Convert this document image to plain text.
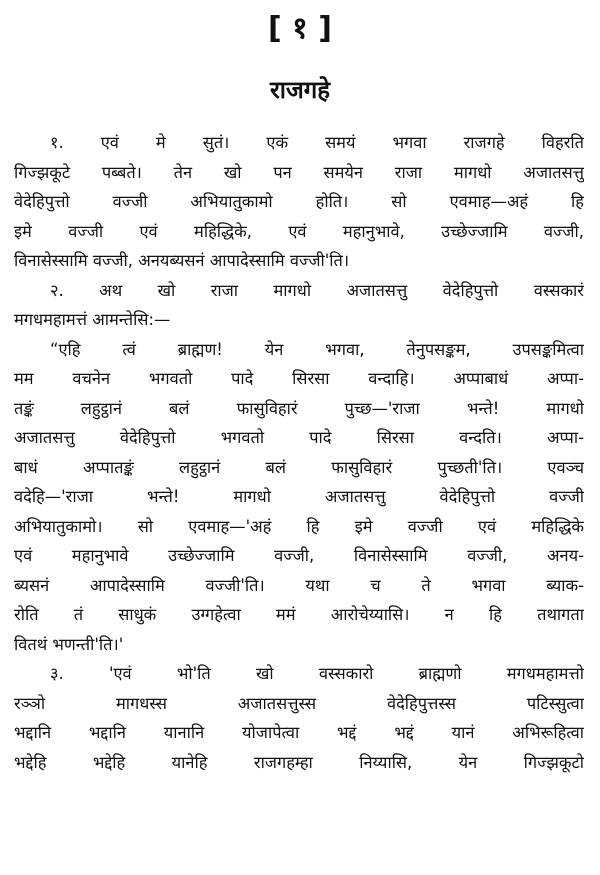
[ १ ]
राजगहे
१. एवं मे सुतं। एकं समयं भगवा राजगहे विहरति
गिज्झकूटे पब्बते। तेन खो पन समयेन राजा मागधो अजातसत्तु
वेदेहिपुत्तो वज्जी अभियातुकामो होति। सो एवमाह—अहं हि
इमे वज्जी एवं महिद्धिके, एवं महानुभावे, उच्छेज्जामि वज्जी,
विनासेस्सामि वज्जी, अनयब्यसनं आपादेस्सामि वज्जी'ति।
२. अथ खो राजा मागधो अजातसत्तु वेदेहिपुत्तो वस्सकारं
मगधमहामत्तं आमन्तेसि:—
“एहि त्वं ब्राह्मण! येन भगवा, तेनुपसङ्कम, उपसङ्कमित्वा
मम वचनेन भगवतो पादे सिरसा वन्दाहि। अप्पाबाधं अप्पा-
तङ्कं लहुट्ठानं बलं फासुविहारं पुच्छ—'राजा भन्ते! मागधो
अजातसत्तु वेदेहिपुत्तो भगवतो पादे सिरसा वन्दति। अप्पा-
बाधं अप्पातङ्कं लहुट्ठानं बलं फासुविहारं पुच्छती'ति। एवञ्च
वदेहि—'राजा भन्ते! मागधो अजातसत्तु वेदेहिपुत्तो वज्जी
अभियातुकामो। सो एवमाह—'अहं हि इमे वज्जी एवं महिद्धिके
एवं महानुभावे उच्छेज्जामि वज्जी, विनासेस्सामि वज्जी, अनय-
ब्यसनं आपादेस्सामि वज्जी'ति। यथा च ते भगवा ब्याक-
रोति तं साधुकं उग्गहेत्वा ममं आरोचेय्यासि। न हि तथागता
वितथं भणन्ती'ति।'
३. 'एवं भो'ति खो वस्सकारो ब्राह्मणो मगधमहामत्तो
रञ्ञो मागधस्स अजातसत्तुस्स वेदेहिपुत्तस्स पटिस्सुत्वा
भद्दानि भद्दानि यानानि योजापेत्वा भद्दं भद्दं यानं अभिरूहित्वा
भद्देहि भद्देहि यानेहि राजगहम्हा निय्यासि, येन गिज्झकूटो
